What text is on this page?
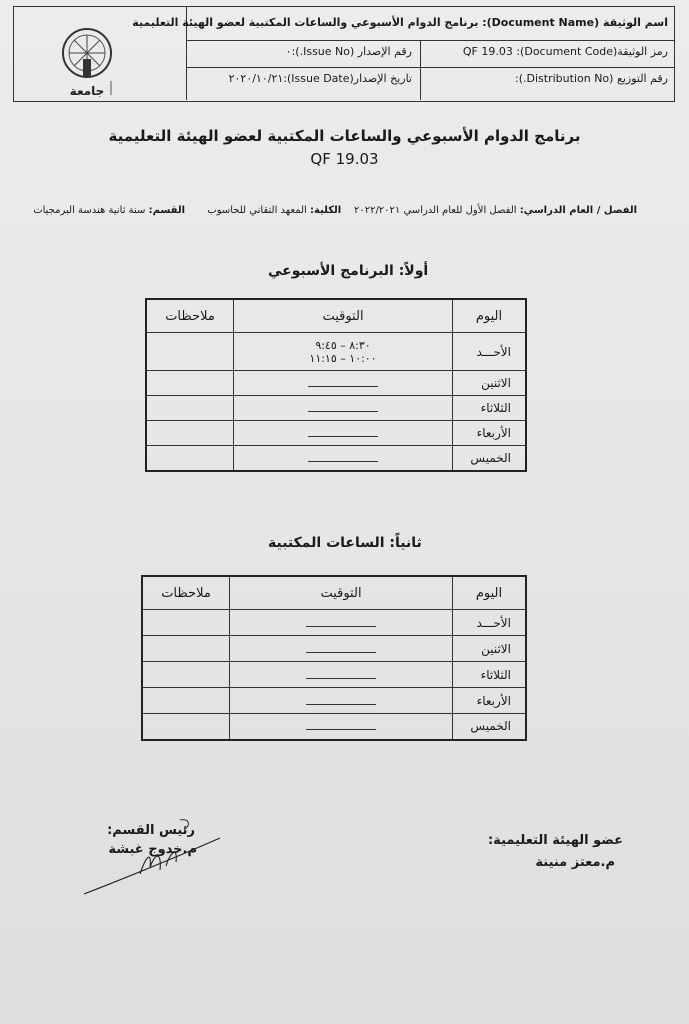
جامعة
اسم الوثيقة (Document Name): برنامج الدوام الأسبوعي والساعات المكتبية لعضو الهيئة التعليمية
رمز الوثيقة(Document Code): QF 19.03
رقم الإصدار (Issue No.):٠
رقم التوزيع (Distribution No.):
تاريخ الإصدار(Issue Date):٢٠٢٠/١٠/٢١
برنامج الدوام الأسبوعي والساعات المكتبية لعضو الهيئة التعليمية
QF 19.03
الفصل / العام الدراسي: الفصل الأول للعام الدراسي ٢٠٢٢/٢٠٢١    الكلية: المعهد التقاني للحاسوب       القسم: سنة ثانية هندسة البرمجيات
أولاً: البرنامج الأسبوعي
اليوم	التوقيت	ملاحظات
الأحـــد	٨:٣٠ – ٩:٤٥
١٠:٠٠ – ١١:١٥	

الاثنين		
الثلاثاء		
الأربعاء		
الخميس		
ثانياً: الساعات المكتبية
اليوم	التوقيت	ملاحظات
الأحـــد		
الاثنين		
الثلاثاء		
الأربعاء		
الخميس		
عضو الهيئة التعليمية:
م.معتز منينة
رئيس القسم:
م.خدوج غبشة
